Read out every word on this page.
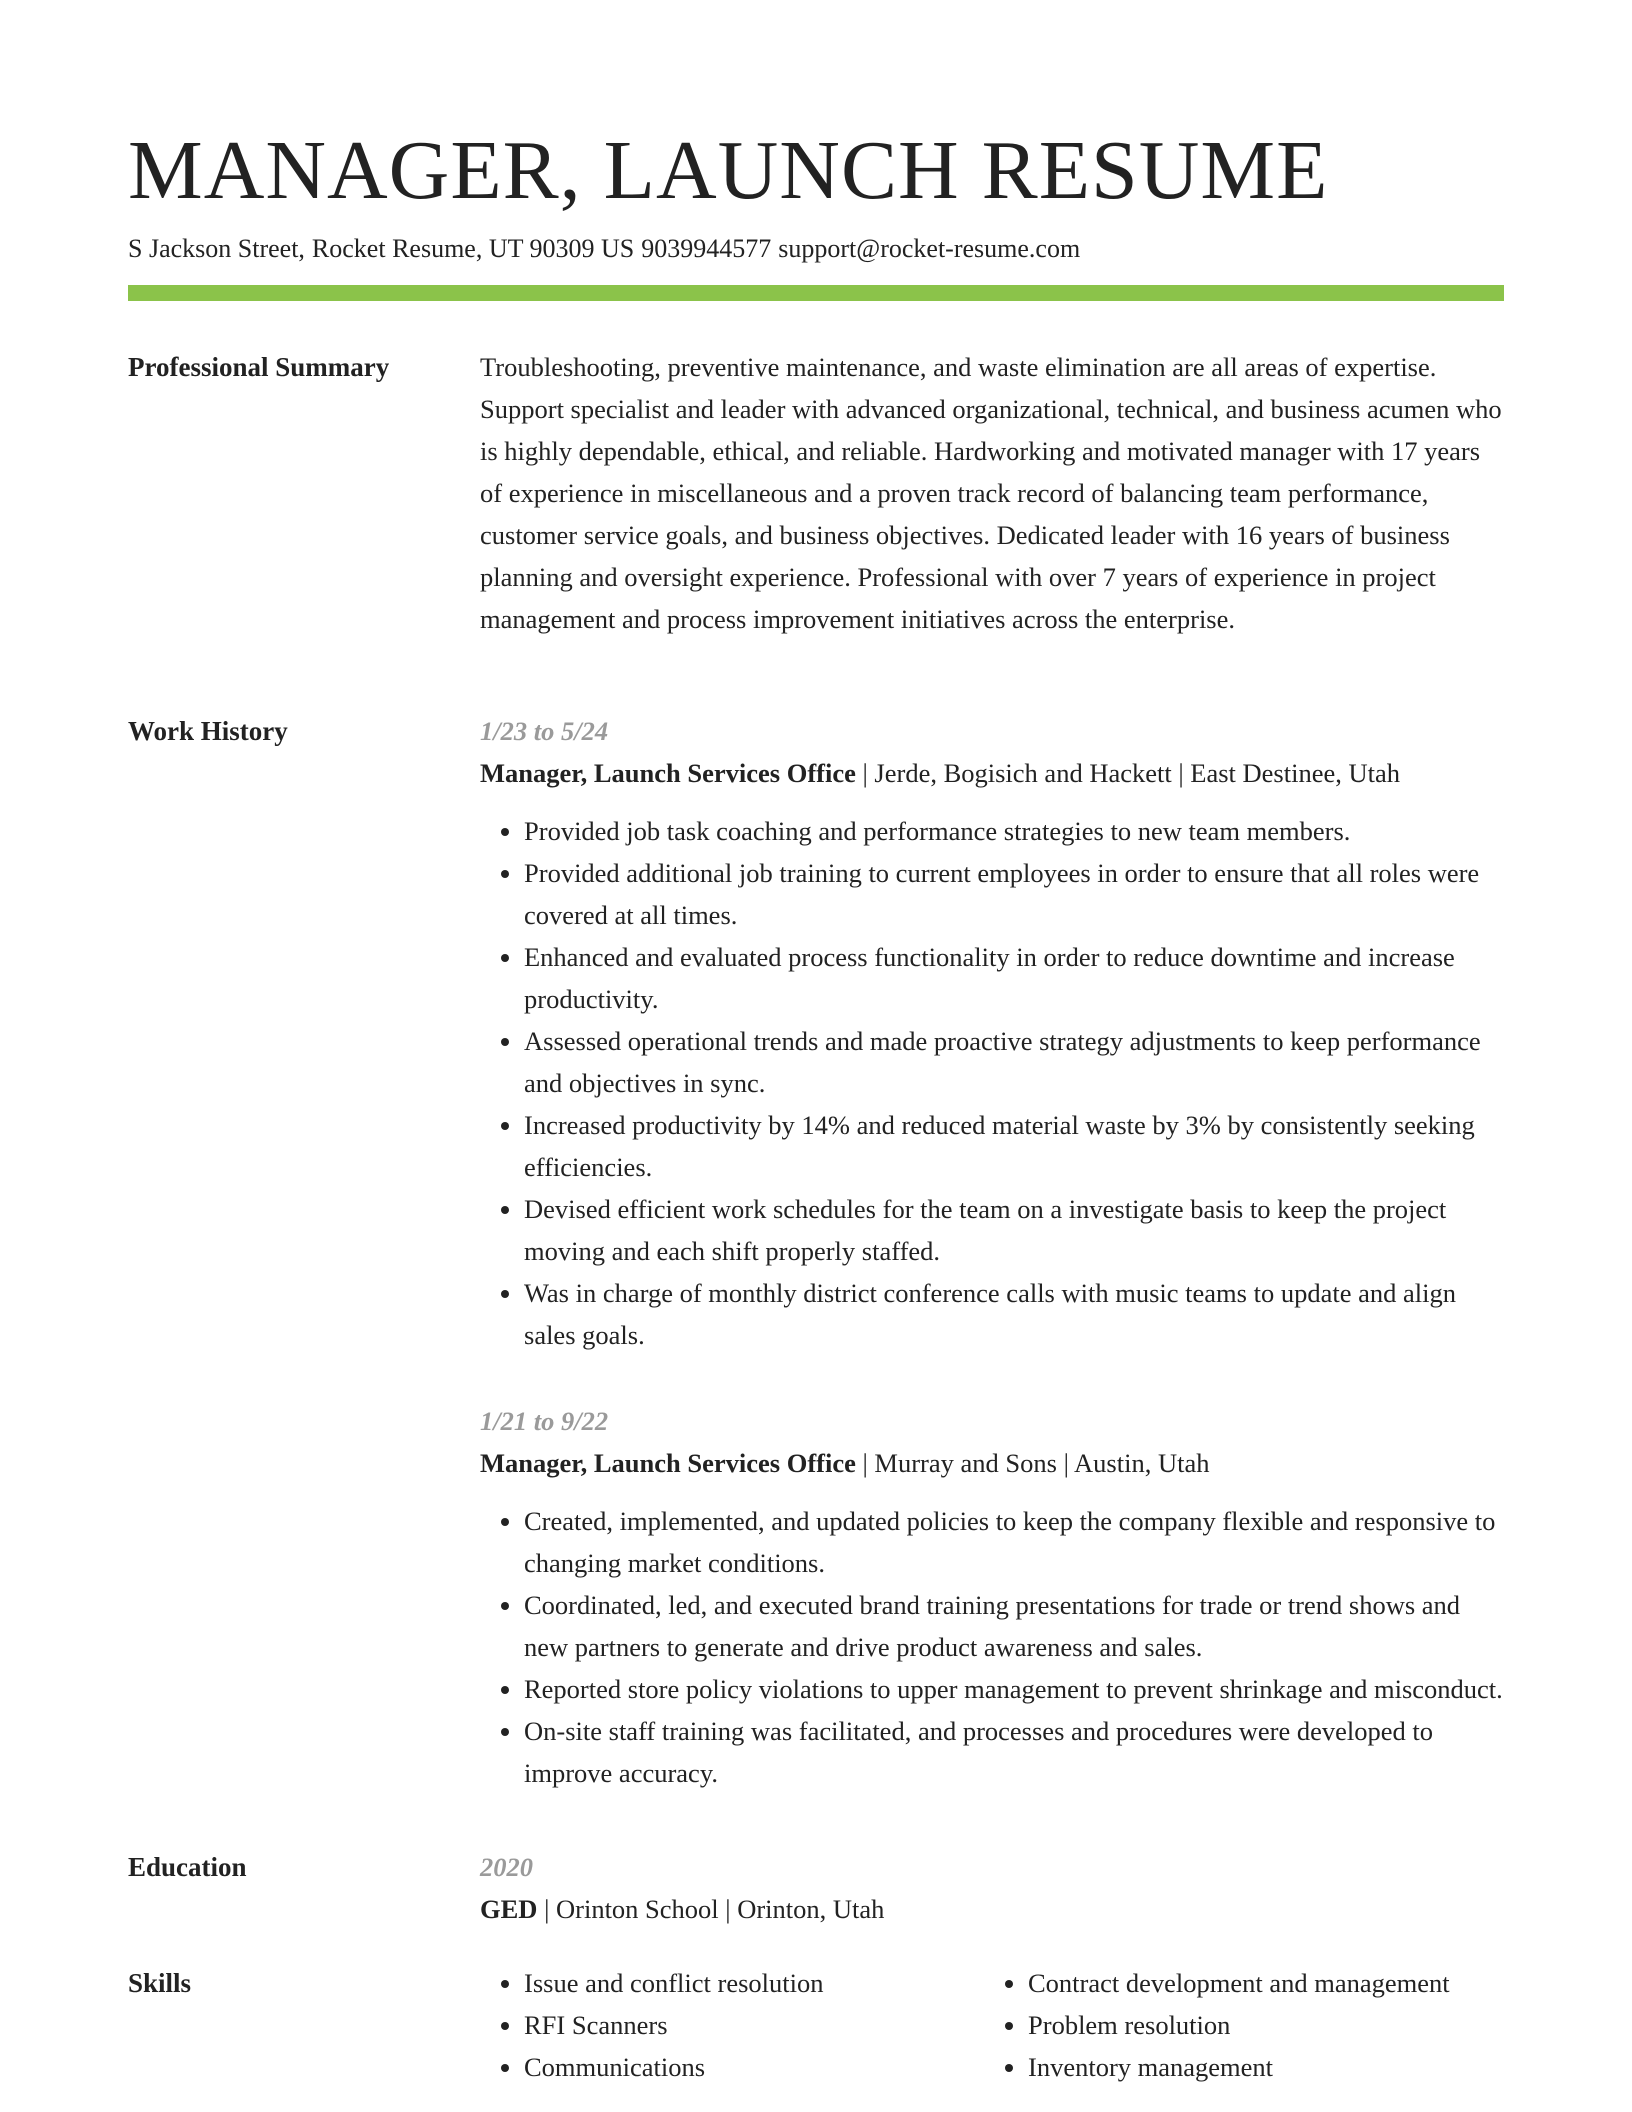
MANAGER, LAUNCH RESUME
S Jackson Street, Rocket Resume, UT 90309 US 9039944577 support@rocket-resume.com
Professional Summary	Troubleshooting, preventive maintenance, and waste elimination are all areas of expertise. Support specialist and leader with advanced organizational, technical, and business acumen who is highly dependable, ethical, and reliable. Hardworking and motivated manager with 17 years of experience in miscellaneous and a proven track record of balancing team performance, customer service goals, and business objectives. Dedicated leader with 16 years of business planning and oversight experience. Professional with over 7 years of experience in project management and process improvement initiatives across the enterprise.

Work History	1/23 to 5/24
Manager, Launch Services Office | Jerde, Bogisich and Hackett | East Destinee, Utah
• Provided job task coaching and performance strategies to new team members.
• Provided additional job training to current employees in order to ensure that all roles were covered at all times.
• Enhanced and evaluated process functionality in order to reduce downtime and increase productivity.
• Assessed operational trends and made proactive strategy adjustments to keep performance and objectives in sync.
• Increased productivity by 14% and reduced material waste by 3% by consistently seeking efficiencies.
• Devised efficient work schedules for the team on a investigate basis to keep the project moving and each shift properly staffed.
• Was in charge of monthly district conference calls with music teams to update and align sales goals.
1/21 to 9/22
Manager, Launch Services Office | Murray and Sons | Austin, Utah
• Created, implemented, and updated policies to keep the company flexible and responsive to changing market conditions.
• Coordinated, led, and executed brand training presentations for trade or trend shows and new partners to generate and drive product awareness and sales.
• Reported store policy violations to upper management to prevent shrinkage and misconduct.
• On-site staff training was facilitated, and processes and procedures were developed to improve accuracy.
Education	2020
GED | Orinton School | Orinton, Utah
Skills
•	Issue and conflict resolution
• RFI Scanners
• Communications
• Contract development and management
• Problem resolution
• Inventory management
